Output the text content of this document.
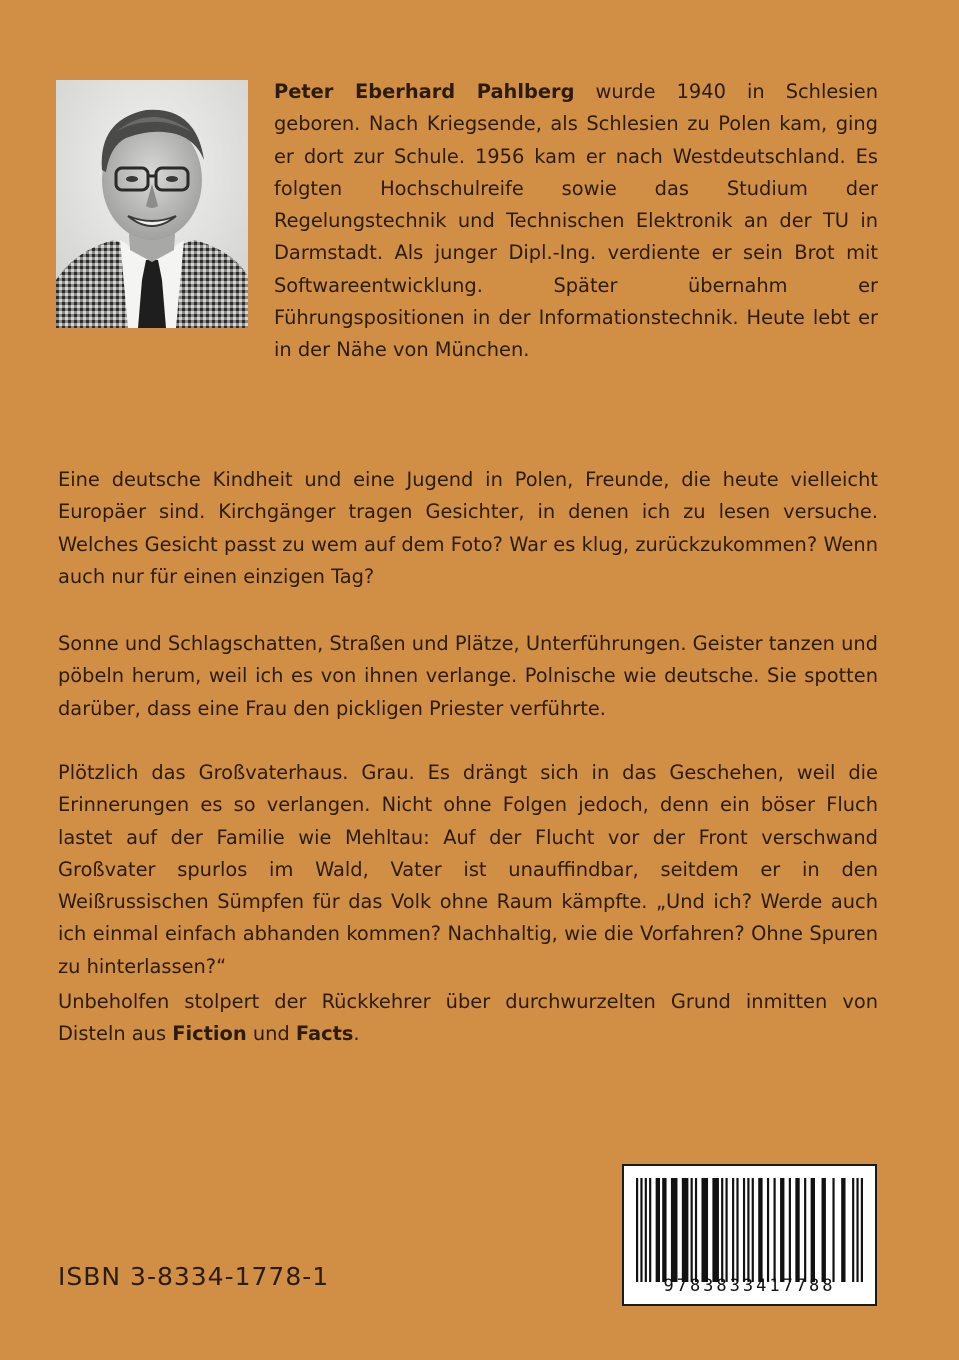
Peter Eberhard Pahlberg wurde 1940 in Schlesien geboren. Nach Kriegsende, als Schlesien zu Polen kam, ging er dort zur Schule. 1956 kam er nach Westdeutschland. Es folgten Hochschulreife sowie das Studium der Regelungstechnik und Technischen Elektronik an der TU in Darmstadt. Als junger Dipl.-Ing. verdiente er sein Brot mit Softwareentwicklung. Später übernahm er Führungspositionen in der Informationstechnik. Heute lebt er in der Nähe von München.

Eine deutsche Kindheit und eine Jugend in Polen, Freunde, die heute vielleicht Europäer sind. Kirchgänger tragen Gesichter, in denen ich zu lesen versuche. Welches Gesicht passt zu wem auf dem Foto? War es klug, zurückzukommen? Wenn auch nur für einen einzigen Tag?

Sonne und Schlagschatten, Straßen und Plätze, Unterführungen. Geister tanzen und pöbeln herum, weil ich es von ihnen verlange. Polnische wie deutsche. Sie spotten darüber, dass eine Frau den pickligen Priester verführte.

Plötzlich das Großvaterhaus. Grau. Es drängt sich in das Geschehen, weil die Erinnerungen es so verlangen. Nicht ohne Folgen jedoch, denn ein böser Fluch lastet auf der Familie wie Mehltau: Auf der Flucht vor der Front verschwand Großvater spurlos im Wald, Vater ist unauffindbar, seitdem er in den Weißrussischen Sümpfen für das Volk ohne Raum kämpfte. „Und ich? Werde auch ich einmal einfach abhanden kommen? Nachhaltig, wie die Vorfahren? Ohne Spuren zu hinterlassen?“

Unbeholfen stolpert der Rückkehrer über durchwurzelten Grund inmitten von Disteln aus Fiction und Facts.

ISBN 3-8334-1778-1	9783833417788
